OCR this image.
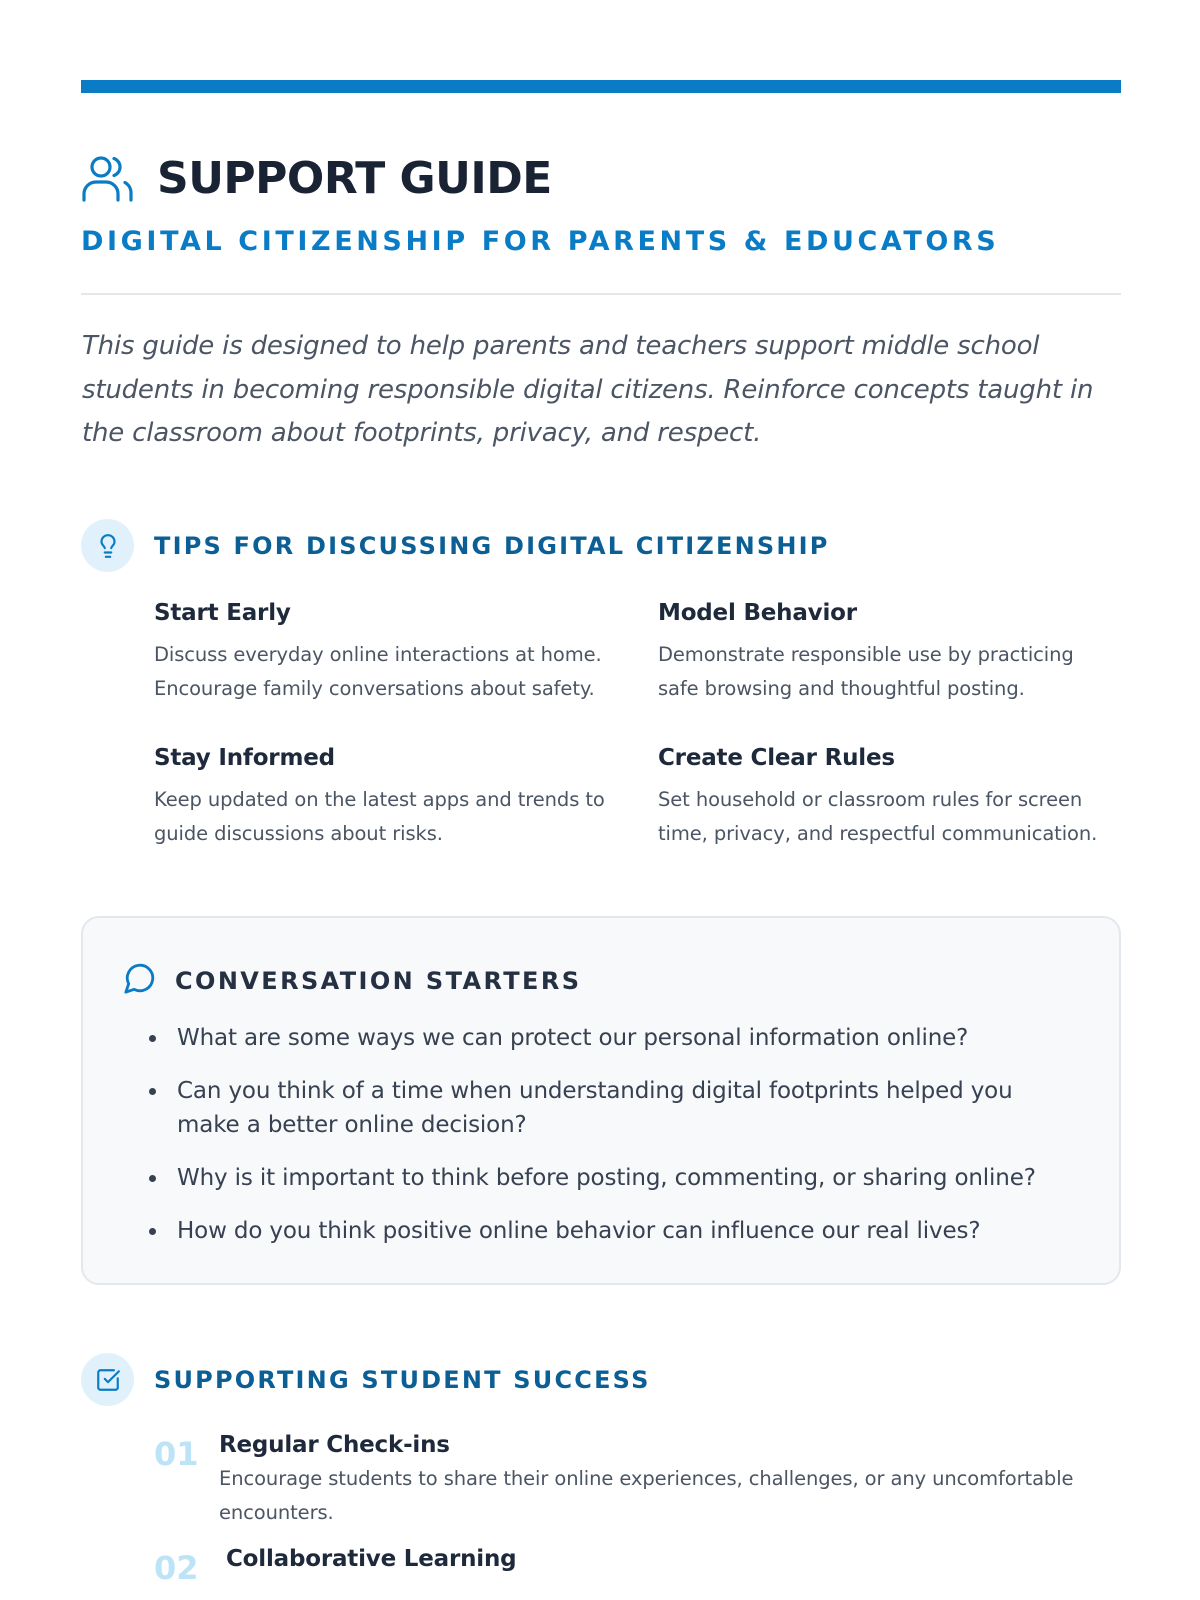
SUPPORT GUIDE
DIGITAL CITIZENSHIP FOR PARENTS & EDUCATORS

This guide is designed to help parents and teachers support middle school students in becoming responsible digital citizens. Reinforce concepts taught in the classroom about footprints, privacy, and respect.

TIPS FOR DISCUSSING DIGITAL CITIZENSHIP
Start Early
Discuss everyday online interactions at home. Encourage family conversations about safety.
Model Behavior
Demonstrate responsible use by practicing safe browsing and thoughtful posting.
Stay Informed
Keep updated on the latest apps and trends to guide discussions about risks.
Create Clear Rules
Set household or classroom rules for screen time, privacy, and respectful communication.
CONVERSATION STARTERS
What are some ways we can protect our personal information online?
Can you think of a time when understanding digital footprints helped you make a better online decision?
Why is it important to think before posting, commenting, or sharing online?
How do you think positive online behavior can influence our real lives?
SUPPORTING STUDENT SUCCESS
01 Regular Check-ins
Encourage students to share their online experiences, challenges, or any uncomfortable encounters.
02	Collaborative Learning
